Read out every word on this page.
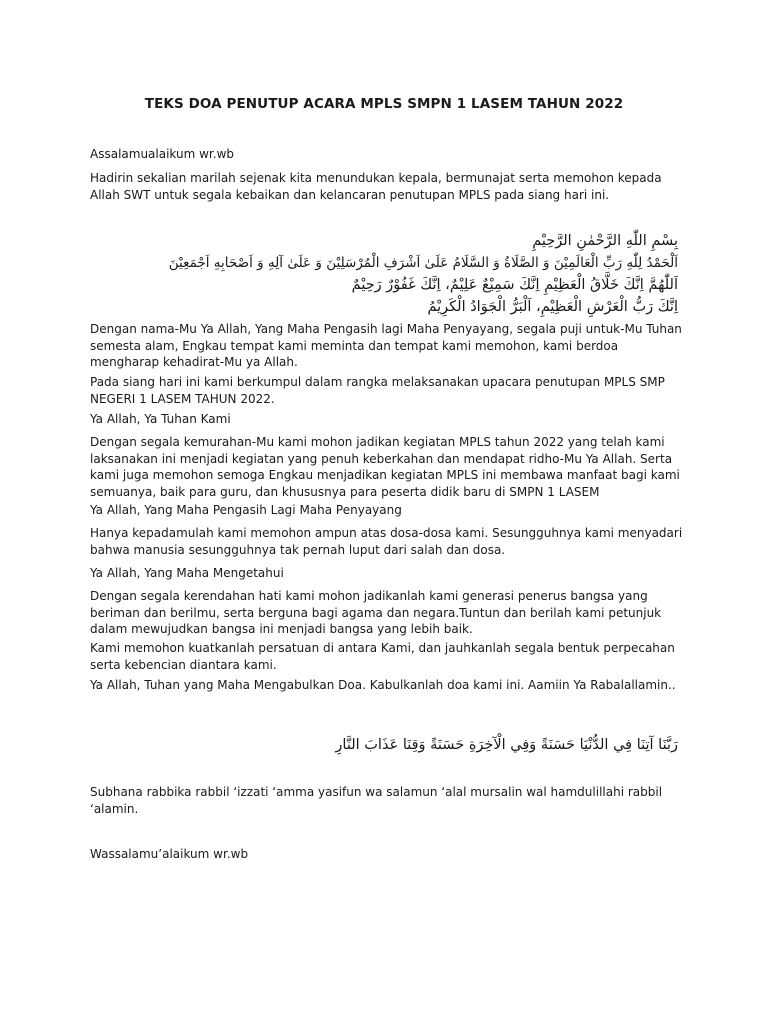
TEKS DOA PENUTUP ACARA MPLS SMPN 1 LASEM TAHUN 2022
Assalamualaikum wr.wb
Hadirin sekalian marilah sejenak kita menundukan kepala, bermunajat serta memohon kepada Allah SWT untuk segala kebaikan dan kelancaran penutupan MPLS pada siang hari ini.
بِسْمِ اللّٰهِ الرَّحْمٰنِ الرَّحِيْمِ
اَلْحَمْدُ لِلّٰهِ رَبِّ الْعَالَمِيْنَ وَ الصَّلَاةُ وَ السَّلَامُ عَلَىٰ اَشْرَفِ الْمُرْسَلِيْنَ وَ عَلَىٰ آلِهِ وَ اَصْحَابِهِ اَجْمَعِيْنَ
اَللّٰهُمَّ اِنَّكَ خَلَّاقُ الْعَظِيْمِ اِنَّكَ سَمِيْعٌ عَلِيْمٌ، اِنَّكَ غَفُوْرٌ رَحِيْمٌ
اِنَّكَ رَبُّ الْعَرْشِ الْعَظِيْمِ، اَلْبَرُّ الْجَوَادُ الْكَرِيْمُ
Dengan nama-Mu Ya Allah, Yang Maha Pengasih lagi Maha Penyayang, segala puji untuk-Mu Tuhan semesta alam, Engkau tempat kami meminta dan tempat kami memohon, kami berdoa mengharap kehadirat-Mu ya Allah.
Pada siang hari ini kami berkumpul dalam rangka melaksanakan upacara penutupan MPLS SMP NEGERI 1 LASEM TAHUN 2022.
Ya Allah, Ya Tuhan Kami
Dengan segala kemurahan-Mu kami mohon jadikan kegiatan MPLS tahun 2022 yang telah kami laksanakan ini menjadi kegiatan yang penuh keberkahan dan mendapat ridho-Mu Ya Allah. Serta kami juga memohon semoga Engkau menjadikan kegiatan MPLS ini membawa manfaat bagi kami semuanya, baik para guru, dan khususnya para peserta didik baru di SMPN 1 LASEM
Ya Allah, Yang Maha Pengasih Lagi Maha Penyayang
Hanya kepadamulah kami memohon ampun atas dosa-dosa kami. Sesungguhnya kami menyadari bahwa manusia sesungguhnya tak pernah luput dari salah dan dosa.
Ya Allah, Yang Maha Mengetahui
Dengan segala kerendahan hati kami mohon jadikanlah kami generasi penerus bangsa yang beriman dan berilmu, serta berguna bagi agama dan negara.Tuntun dan berilah kami petunjuk dalam mewujudkan bangsa ini menjadi bangsa yang lebih baik.
Kami memohon kuatkanlah persatuan di antara Kami, dan jauhkanlah segala bentuk perpecahan serta kebencian diantara kami.
Ya Allah, Tuhan yang Maha Mengabulkan Doa. Kabulkanlah doa kami ini. Aamiin Ya Rabalallamin..
رَبَّنَا آتِنَا فِي الدُّنْيَا حَسَنَةً وَفِي الْآخِرَةِ حَسَنَةً وَقِنَا عَذَابَ النَّارِ
Subhana rabbika rabbil ‘izzati ‘amma yasifun wa salamun ‘alal mursalin wal hamdulillahi rabbil ‘alamin.
Wassalamu’alaikum wr.wb
